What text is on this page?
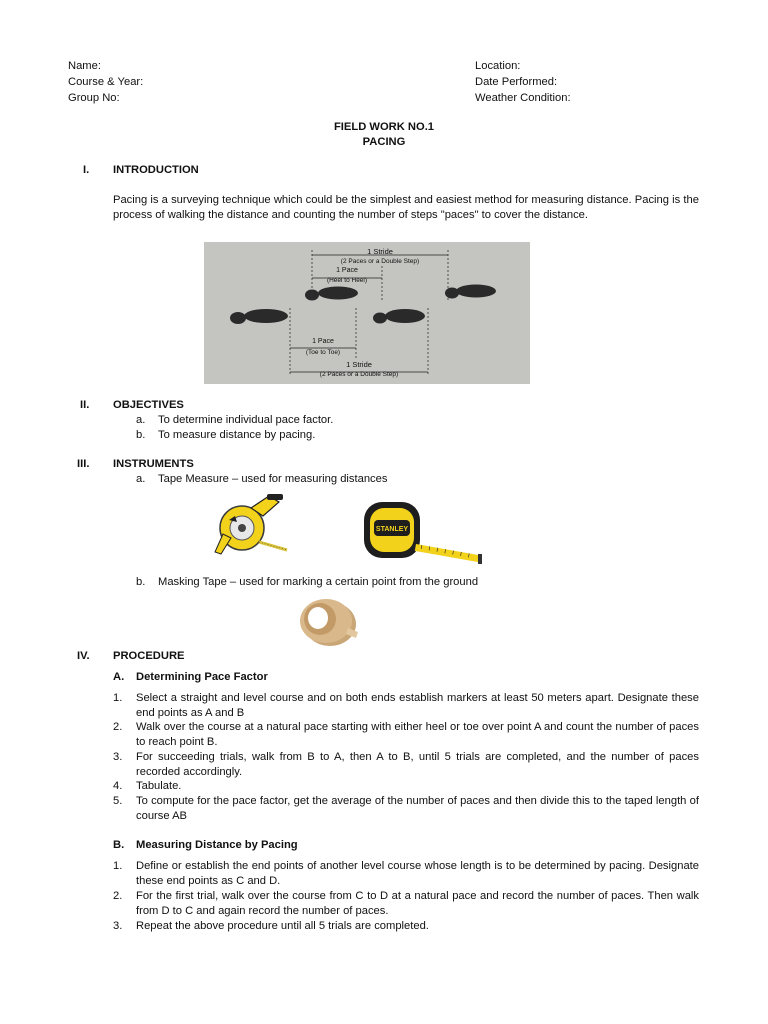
Name:
Course & Year:
Group No:
Location:
Date Performed:
Weather Condition:
FIELD WORK NO.1
PACING
I. INTRODUCTION
Pacing is a surveying technique which could be the simplest and easiest method for measuring distance. Pacing is the process of walking the distance and counting the number of steps "paces" to cover the distance.
1 Stride
(2 Paces or a Double Step)
1 Pace
(Heel to Heel)
1 Pace
(Toe to Toe)
1 Stride
(2 Paces or a Double Step)
II. OBJECTIVES
a. To determine individual pace factor.
b. To measure distance by pacing.
III. INSTRUMENTS
a. Tape Measure – used for measuring distances
STANLEY
b. Masking Tape – used for marking a certain point from the ground
IV. PROCEDURE
A. Determining Pace Factor
1. Select a straight and level course and on both ends establish markers at least 50 meters apart. Designate these end points as A and B
2. Walk over the course at a natural pace starting with either heel or toe over point A and count the number of paces to reach point B.
3. For succeeding trials, walk from B to A, then A to B, until 5 trials are completed, and the number of paces recorded accordingly.
4. Tabulate.
5. To compute for the pace factor, get the average of the number of paces and then divide this to the taped length of course AB
B. Measuring Distance by Pacing
1. Define or establish the end points of another level course whose length is to be determined by pacing. Designate these end points as C and D.
2. For the first trial, walk over the course from C to D at a natural pace and record the number of paces. Then walk from D to C and again record the number of paces.
3. Repeat the above procedure until all 5 trials are completed.
